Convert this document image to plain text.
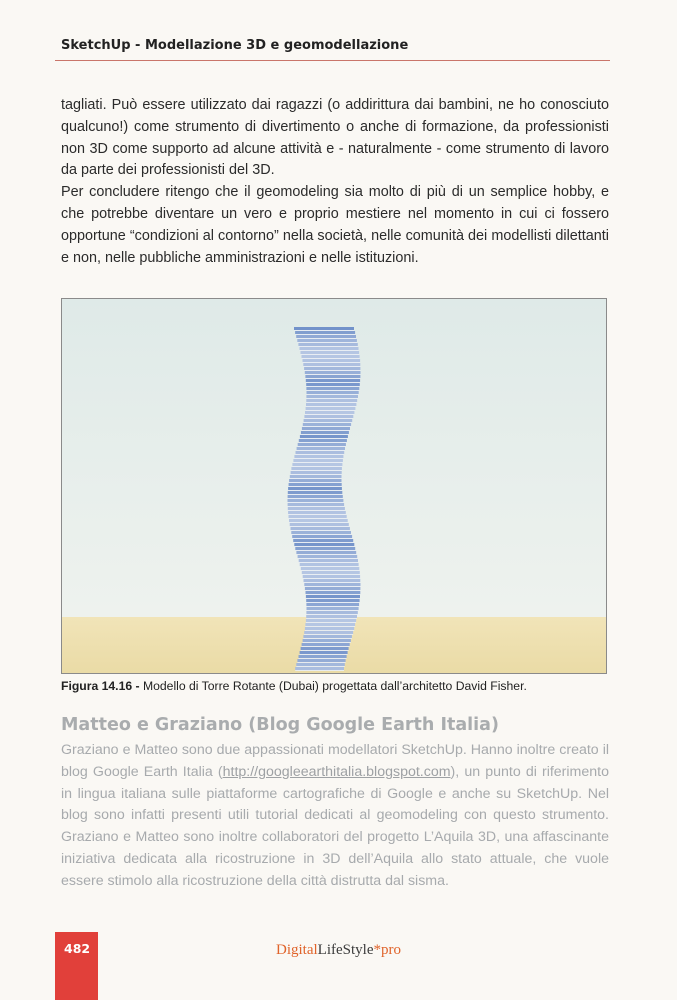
SketchUp - Modellazione 3D e geomodellazione

tagliati. Può essere utilizzato dai ragazzi (o addirittura dai bambini, ne ho conosciuto qualcuno!) come strumento di divertimento o anche di formazione, da professionisti non 3D come supporto ad alcune attività e - naturalmente - come strumento di lavoro da parte dei professionisti del 3D.

Per concludere ritengo che il geomodeling sia molto di più di un semplice hobby, e che potrebbe diventare un vero e proprio mestiere nel momento in cui ci fossero opportune “condizioni al contorno” nella società, nelle comunità dei modellisti dilettanti e non, nelle pubbliche amministrazioni e nelle istituzioni.

Figura 14.16 - Modello di Torre Rotante (Dubai) progettata dall’architetto David Fisher.
Matteo e Graziano (Blog Google Earth Italia)

Graziano e Matteo sono due appassionati modellatori SketchUp. Hanno inoltre creato il blog Google Earth Italia (http://googleearthitalia.blogspot.com), un punto di riferimento in lingua italiana sulle piattaforme cartografiche di Google e anche su SketchUp. Nel blog sono infatti presenti utili tutorial dedicati al geomodeling con questo strumento. Graziano e Matteo sono inoltre collaboratori del progetto L’Aquila 3D, una affascinante iniziativa dedicata alla ricostruzione in 3D dell’Aquila allo stato attuale, che vuole essere stimolo alla ricostruzione della città distrutta dal sisma.

482	DigitalLifeStyle*pro
